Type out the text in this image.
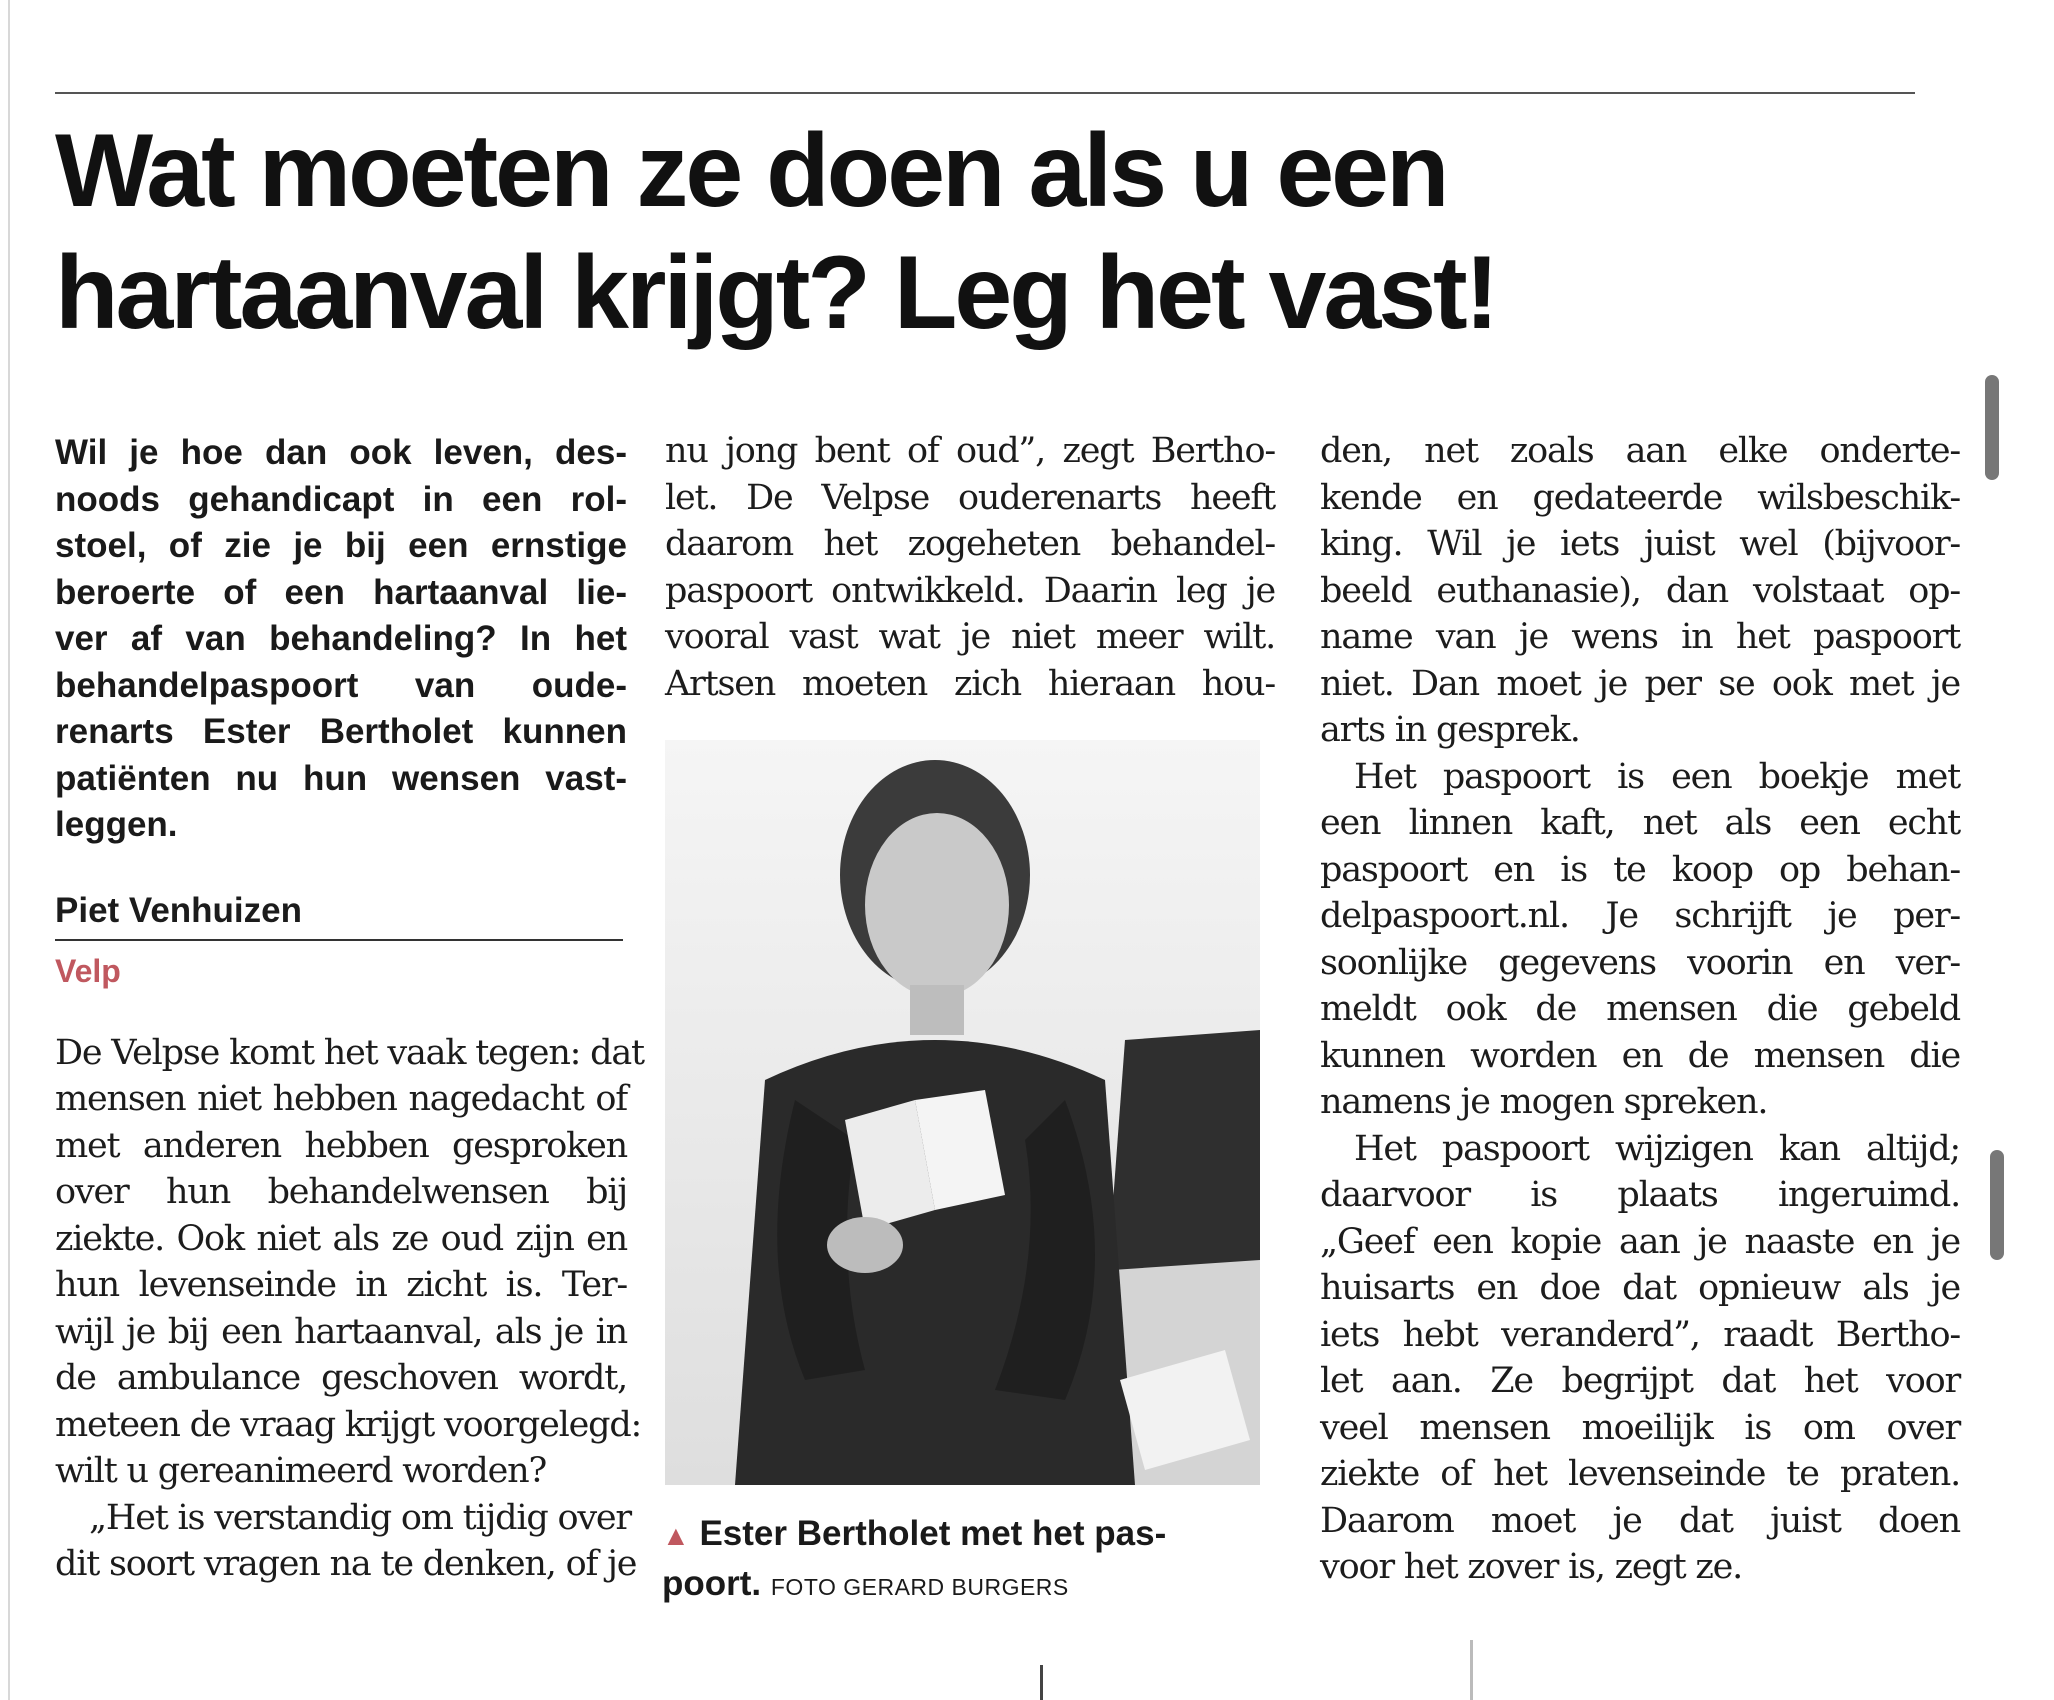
Wat moeten ze doen als u een
hartaanval krijgt? Leg het vast!
Wil je hoe dan ook leven, des-
noods gehandicapt in een rol-
stoel, of zie je bij een ernstige
beroerte of een hartaanval lie-
ver af van behandeling? In het
behandelpaspoort van oude-
renarts Ester Bertholet kunnen
patiënten nu hun wensen vast-
leggen.
Piet Venhuizen
Velp
De Velpse komt het vaak tegen: dat
mensen niet hebben nagedacht of
met anderen hebben gesproken
over hun behandelwensen bij
ziekte. Ook niet als ze oud zijn en
hun levenseinde in zicht is. Ter-
wijl je bij een hartaanval, als je in
de ambulance geschoven wordt,
meteen de vraag krijgt voorgelegd:
wilt u gereanimeerd worden?
„Het is verstandig om tijdig over
dit soort vragen na te denken, of je
nu jong bent of oud”, zegt Bertho-
let. De Velpse ouderenarts heeft
daarom het zogeheten behandel-
paspoort ontwikkeld. Daarin leg je
vooral vast wat je niet meer wilt.
Artsen moeten zich hieraan hou-
▲ Ester Bertholet met het pas-
poort. FOTO GERARD BURGERS
den, net zoals aan elke onderte-
kende en gedateerde wilsbeschik-
king. Wil je iets juist wel (bijvoor-
beeld euthanasie), dan volstaat op-
name van je wens in het paspoort
niet. Dan moet je per se ook met je
arts in gesprek.
Het paspoort is een boekje met
een linnen kaft, net als een echt
paspoort en is te koop op behan-
delpaspoort.nl. Je schrijft je per-
soonlijke gegevens voorin en ver-
meldt ook de mensen die gebeld
kunnen worden en de mensen die
namens je mogen spreken.
Het paspoort wijzigen kan altijd;
daarvoor is plaats ingeruimd.
„Geef een kopie aan je naaste en je
huisarts en doe dat opnieuw als je
iets hebt veranderd”, raadt Bertho-
let aan. Ze begrijpt dat het voor
veel mensen moeilijk is om over
ziekte of het levenseinde te praten.
Daarom moet je dat juist doen
voor het zover is, zegt ze.
